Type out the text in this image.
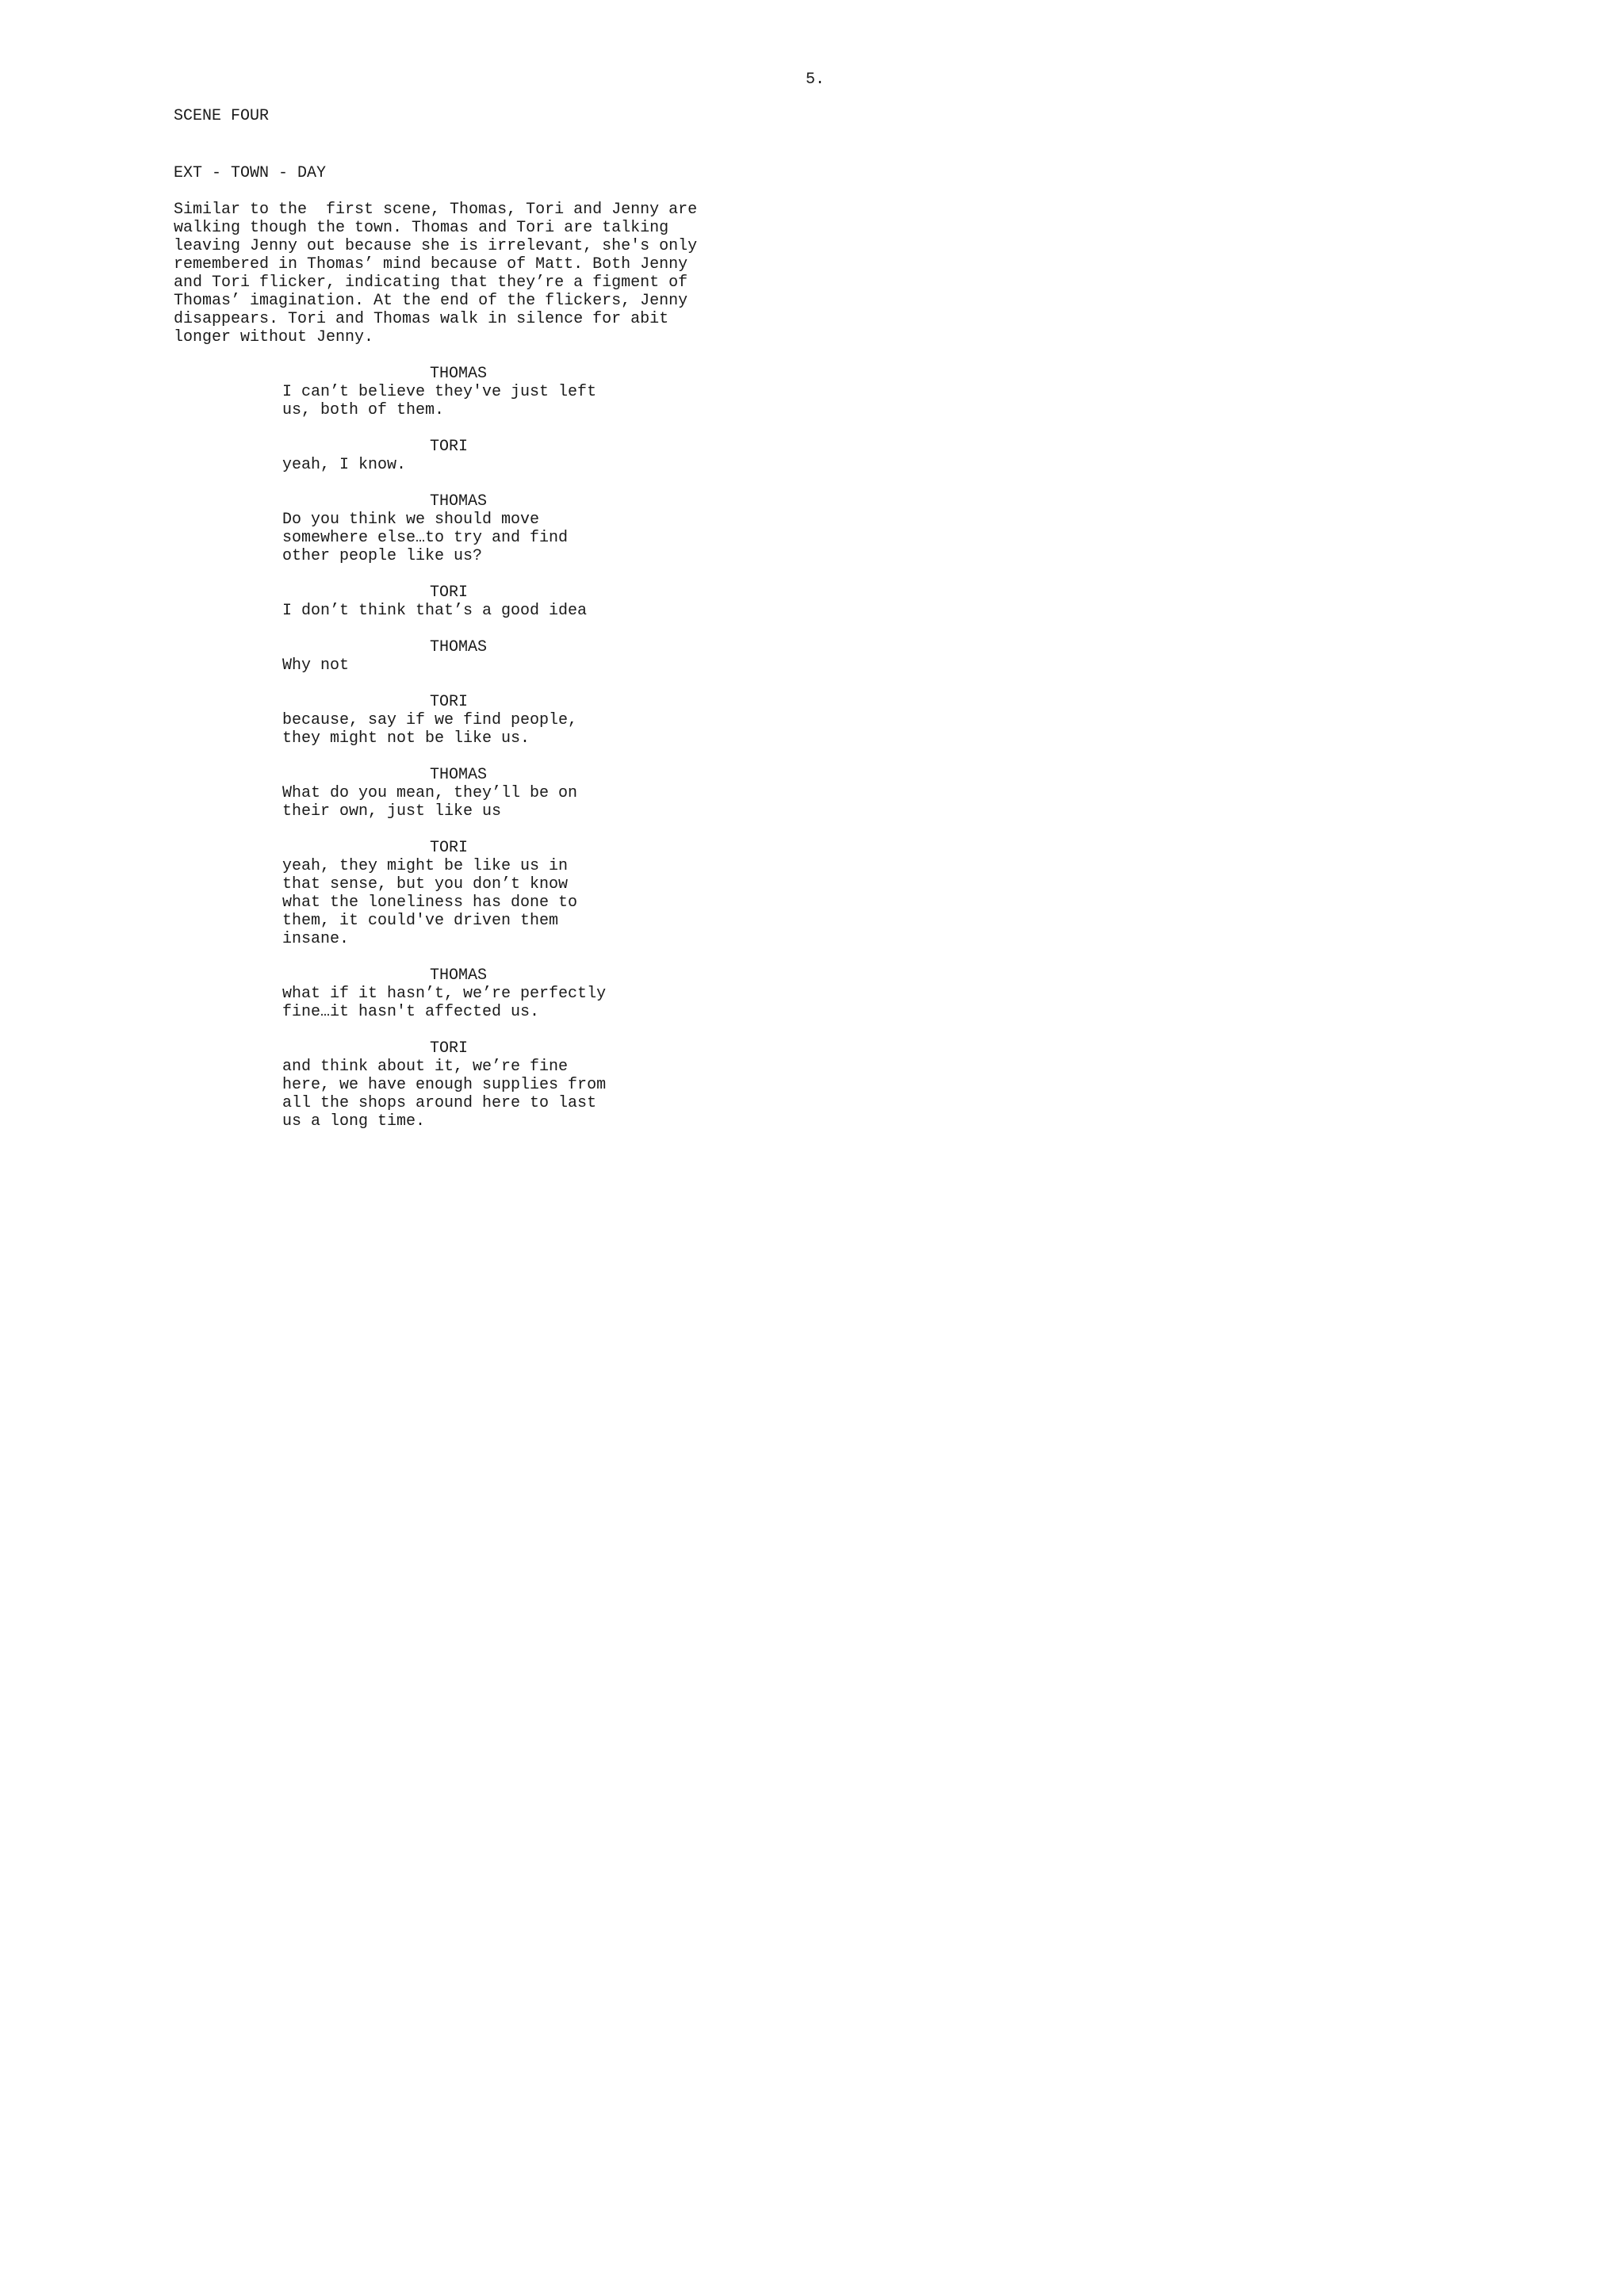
5.
SCENE FOUR
EXT - TOWN - DAY
Similar to the  first scene, Thomas, Tori and Jenny are
walking though the town. Thomas and Tori are talking
leaving Jenny out because she is irrelevant, she's only
remembered in Thomas’ mind because of Matt. Both Jenny
and Tori flicker, indicating that they’re a figment of
Thomas’ imagination. At the end of the flickers, Jenny
disappears. Tori and Thomas walk in silence for abit
longer without Jenny.
THOMAS
I can’t believe they've just left
us, both of them.
TORI
yeah, I know.
THOMAS
Do you think we should move
somewhere else…to try and find
other people like us?
TORI
I don’t think that’s a good idea
THOMAS
Why not
TORI
because, say if we find people,
they might not be like us.
THOMAS
What do you mean, they’ll be on
their own, just like us
TORI
yeah, they might be like us in
that sense, but you don’t know
what the loneliness has done to
them, it could've driven them
insane.
THOMAS
what if it hasn’t, we’re perfectly
fine…it hasn't affected us.
TORI
and think about it, we’re fine
here, we have enough supplies from
all the shops around here to last
us a long time.
